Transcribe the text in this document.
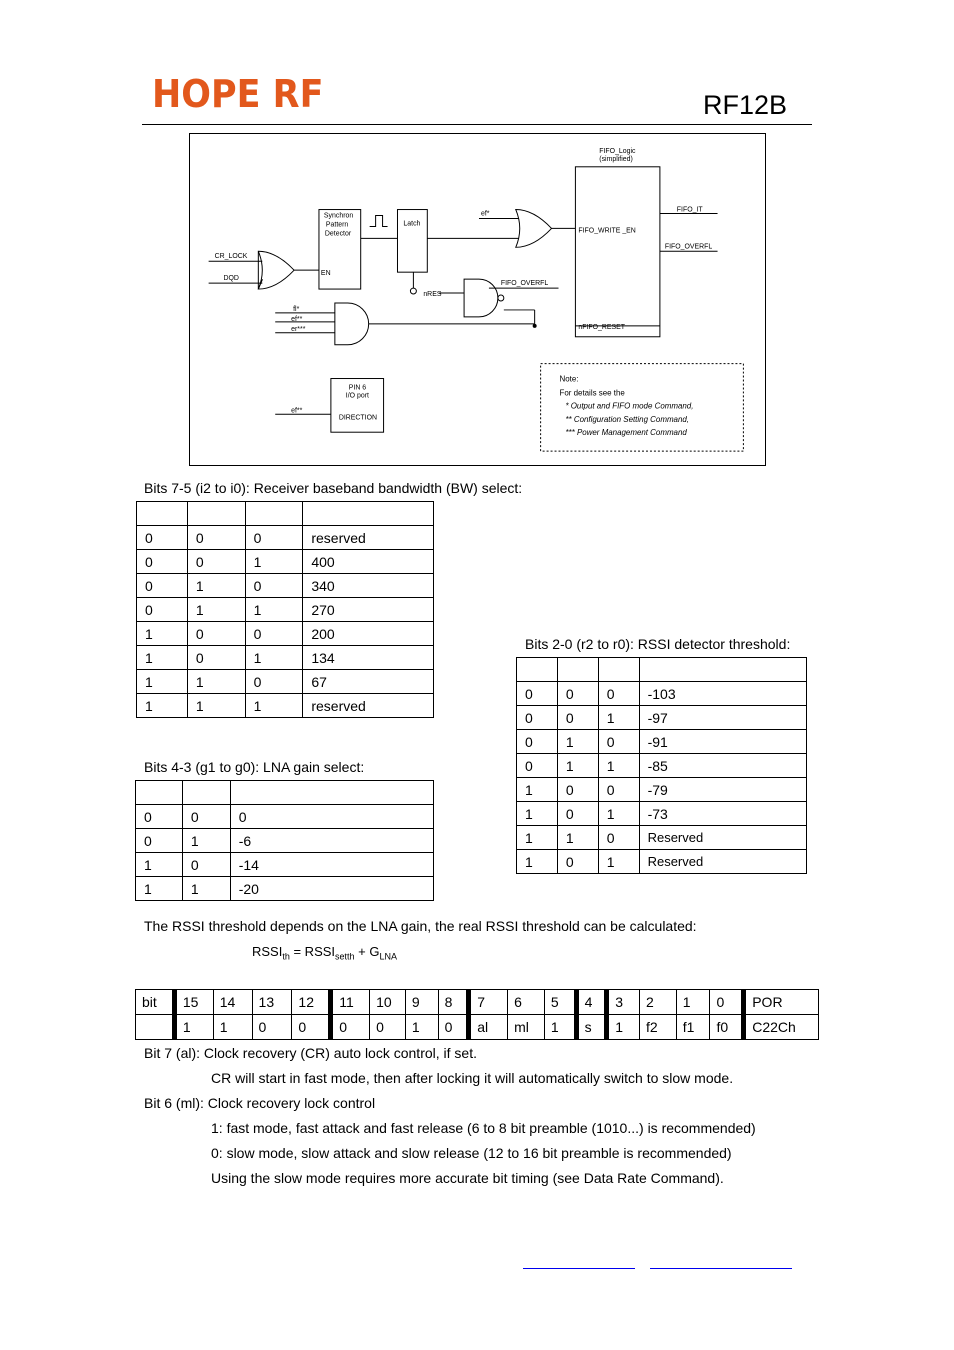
HOPE RF	RF12B
FIFO_Logic
(simplified)
FIFO_IT
FIFO_OVERFL
FIFO_WRITE _EN
nFIFO_RESET
Synchron
Pattern
Detector
EN
Latch
ef*
CR_LOCK
DQD
nRES
FIFO_OVERFL
fl*
ef**
er***
PIN 6
I/O port
DIRECTION
ef**
Note:
For details see the
* Output and FIFO mode Command,
** Configuration Setting Command,
*** Power Management Command
Bits 7-5 (i2 to i0): Receiver baseband bandwidth (BW) select:

0	0	0	reserved
0	0	1	400
0	1	0	340
0	1	1	270
1	0	0	200
1	0	1	134
1	1	0	67
1	1	1	reserved
Bits 4-3 (g1 to g0): LNA gain select:

0	0	0
0	1	-6
1	0	-14
1	1	-20
Bits 2-0 (r2 to r0): RSSI detector threshold:

0	0	0	-103
0	0	1	-97
0	1	0	-91
0	1	1	-85
1	0	0	-79
1	0	1	-73
1	1	0	Reserved
1	0	1	Reserved
The RSSI threshold depends on the LNA gain, the real RSSI threshold can be calculated:
$RSSI_{th}$ = $RSSI_{setth} + G_{LNA}$
bit	15	14	13	12	11	10	9	8	7	6	5	4	3	2	1	0	POR
	1	1	0	0	0	0	1	0	al	ml	1	s	1	f2	f1	f0	C22Ch
Bit 7 (al): Clock recovery (CR) auto lock control, if set.
CR will start in fast mode, then after locking it will automatically switch to slow mode.
Bit 6 (ml): Clock recovery lock control
1: fast mode, fast attack and fast release (6 to 8 bit preamble (1010...) is recommended)
0: slow mode, slow attack and slow release (12 to 16 bit preamble is recommended)
Using the slow mode requires more accurate bit timing (see Data Rate Command).
